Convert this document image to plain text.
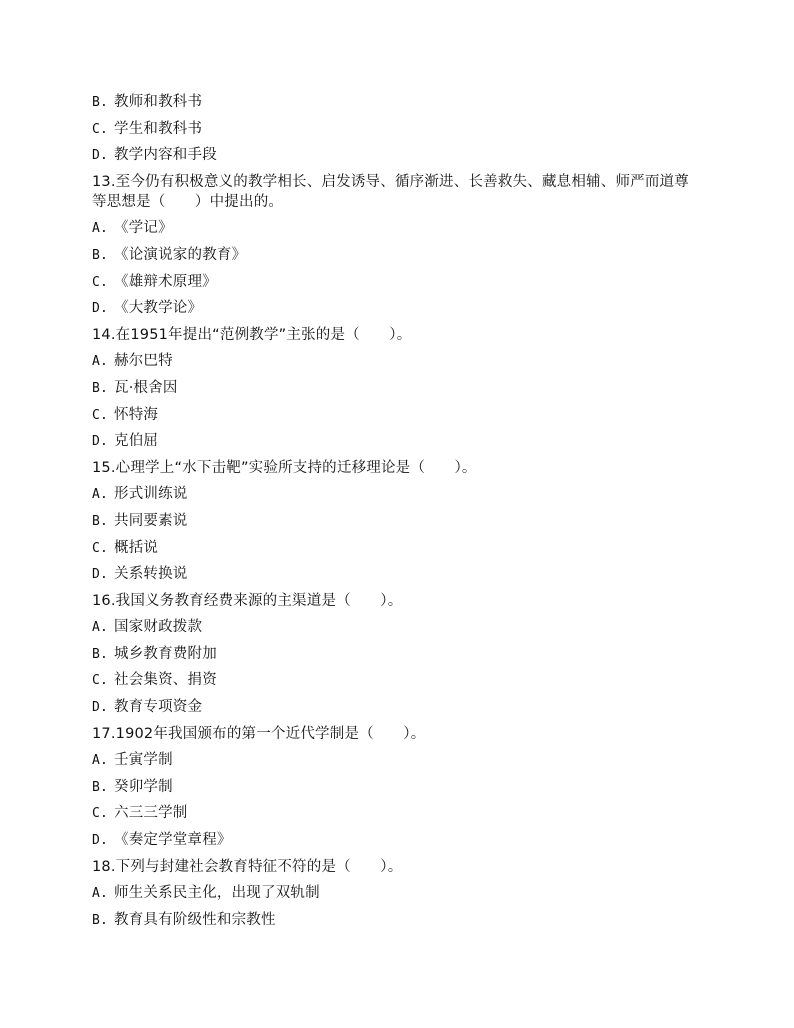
B. 教师和教科书
C. 学生和教科书
D. 教学内容和手段
13.至今仍有积极意义的教学相长、启发诱导、循序渐进、长善救失、藏息相辅、师严而道尊等思想是（　　）中提出的。
A. 《学记》
B. 《论演说家的教育》
C. 《雄辩术原理》
D. 《大教学论》
14.在1951年提出“范例教学”主张的是（　　）。
A. 赫尔巴特
B. 瓦·根舍因
C. 怀特海
D. 克伯屈
15.心理学上“水下击靶”实验所支持的迁移理论是（　　）。
A. 形式训练说
B. 共同要素说
C. 概括说
D. 关系转换说
16.我国义务教育经费来源的主渠道是（　　）。
A. 国家财政拨款
B. 城乡教育费附加
C. 社会集资、捐资
D. 教育专项资金
17.1902年我国颁布的第一个近代学制是（　　）。
A. 壬寅学制
B. 癸卯学制
C. 六三三学制
D. 《奏定学堂章程》
18.下列与封建社会教育特征不符的是（　　）。
A. 师生关系民主化，出现了双轨制
B. 教育具有阶级性和宗教性
